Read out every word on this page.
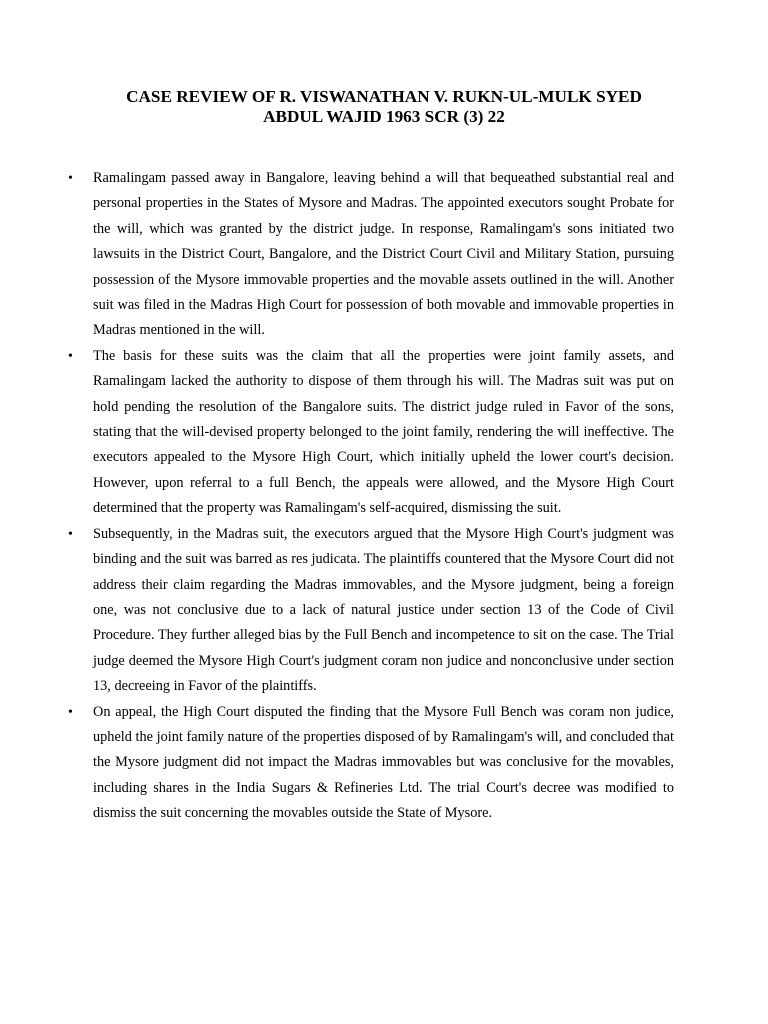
CASE REVIEW OF R. VISWANATHAN V. RUKN-UL-MULK SYED
ABDUL WAJID 1963 SCR (3) 22
•	Ramalingam passed away in Bangalore, leaving behind a will that bequeathed substantial real and personal properties in the States of Mysore and Madras. The appointed executors sought Probate for the will, which was granted by the district judge. In response, Ramalingam's sons initiated two lawsuits in the District Court, Bangalore, and the District Court Civil and Military Station, pursuing possession of the Mysore immovable properties and the movable assets outlined in the will. Another suit was filed in the Madras High Court for possession of both movable and immovable properties in Madras mentioned in the will.
•	The basis for these suits was the claim that all the properties were joint family assets, and Ramalingam lacked the authority to dispose of them through his will. The Madras suit was put on hold pending the resolution of the Bangalore suits. The district judge ruled in Favor of the sons, stating that the will-devised property belonged to the joint family, rendering the will ineffective. The executors appealed to the Mysore High Court, which initially upheld the lower court's decision. However, upon referral to a full Bench, the appeals were allowed, and the Mysore High Court determined that the property was Ramalingam's self-acquired, dismissing the suit.
•	Subsequently, in the Madras suit, the executors argued that the Mysore High Court's judgment was binding and the suit was barred as res judicata. The plaintiffs countered that the Mysore Court did not address their claim regarding the Madras immovables, and the Mysore judgment, being a foreign one, was not conclusive due to a lack of natural justice under section 13 of the Code of Civil Procedure. They further alleged bias by the Full Bench and incompetence to sit on the case. The Trial judge deemed the Mysore High Court's judgment coram non judice and nonconclusive under section 13, decreeing in Favor of the plaintiffs.
•	On appeal, the High Court disputed the finding that the Mysore Full Bench was coram non judice, upheld the joint family nature of the properties disposed of by Ramalingam's will, and concluded that the Mysore judgment did not impact the Madras immovables but was conclusive for the movables, including shares in the India Sugars & Refineries Ltd. The trial Court's decree was modified to dismiss the suit concerning the movables outside the State of Mysore.
